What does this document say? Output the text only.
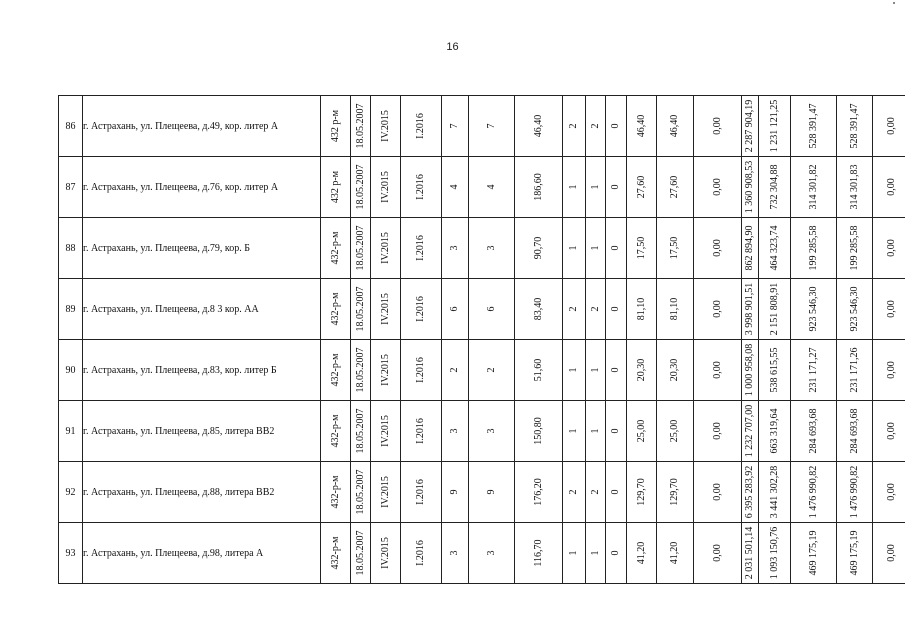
16
86	г. Астрахань, ул. Плещеева, д.49, кор. литер А	432 р-м	18.05.2007	IV.2015	I.2016	7	7	46,40	2	2	0	46,40	46,40	0,00	2 287 904,19	1 231 121,25	528 391,47	528 391,47	0,00

87	г. Астрахань, ул. Плещеева, д.76, кор. литер А	432 р-м	18.05.2007	IV.2015	I.2016	4	4	186,60	1	1	0	27,60	27,60	0,00	1 360 908,53	732 304,88	314 301,82	314 301,83	0,00

88	г. Астрахань, ул. Плещеева, д.79, кор. Б	432-р-м	18.05.2007	IV.2015	I.2016	3	3	90,70	1	1	0	17,50	17,50	0,00	862 894,90	464 323,74	199 285,58	199 285,58	0,00

89	г. Астрахань, ул. Плещеева, д.8 3 кор. АА	432-р-м	18.05.2007	IV.2015	I.2016	6	6	83,40	2	2	0	81,10	81,10	0,00	3 998 901,51	2 151 808,91	923 546,30	923 546,30	0,00

90	г. Астрахань, ул. Плещеева, д.83, кор. литер Б	432-р-м	18.05.2007	IV.2015	I.2016	2	2	51,60	1	1	0	20,30	20,30	0,00	1 000 958,08	538 615,55	231 171,27	231 171,26	0,00

91	г. Астрахань, ул. Плещеева, д.85, литера ВВ2	432-р-м	18.05.2007	IV.2015	I.2016	3	3	150,80	1	1	0	25,00	25,00	0,00	1 232 707,00	663 319,64	284 693,68	284 693,68	0,00

92	г. Астрахань, ул. Плещеева, д.88, литера ВВ2	432-р-м	18.05.2007	IV.2015	I.2016	9	9	176,20	2	2	0	129,70	129,70	0,00	6 395 283,92	3 441 302,28	1 476 990,82	1 476 990,82	0,00

93	г. Астрахань, ул. Плещеева, д.98, литера А	432-р-м	18.05.2007	IV.2015	I.2016	3	3	116,70	1	1	0	41,20	41,20	0,00	2 031 501,14	1 093 150,76	469 175,19	469 175,19	0,00
